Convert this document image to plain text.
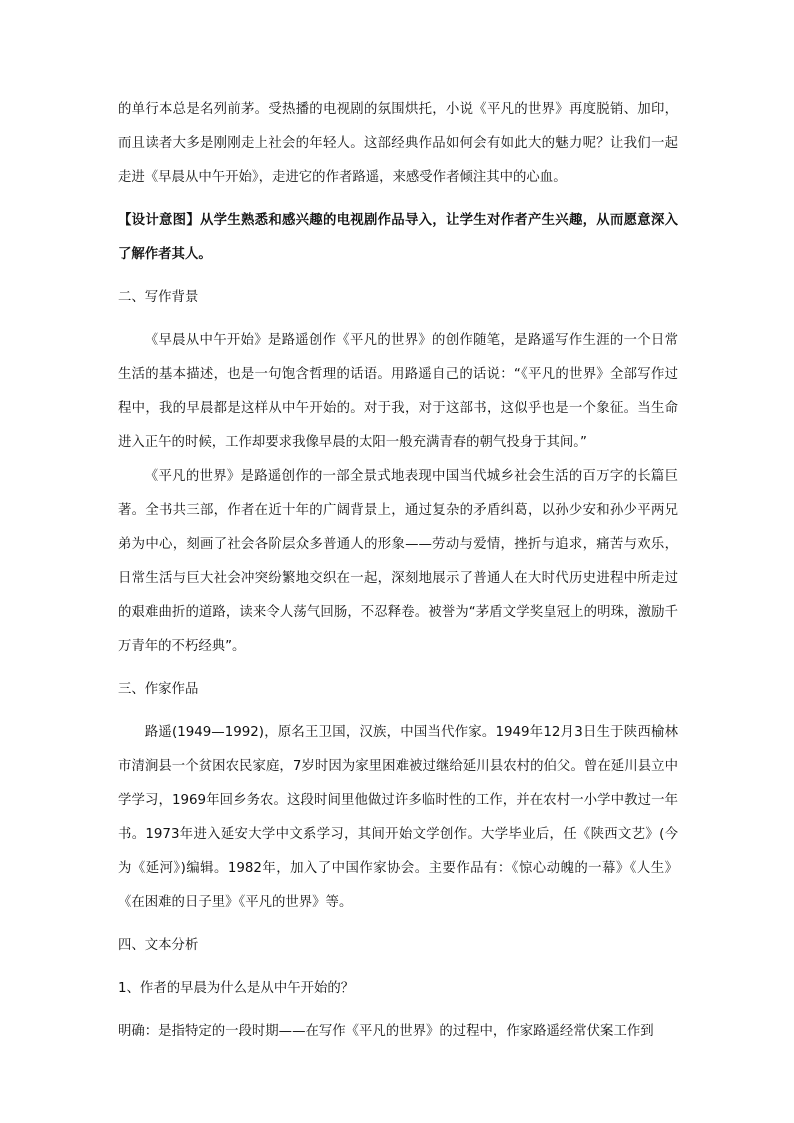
的单行本总是名列前茅。受热播的电视剧的氛围烘托，小说《平凡的世界》再度脱销、加印，而且读者大多是刚刚走上社会的年轻人。这部经典作品如何会有如此大的魅力呢？让我们一起走进《早晨从中午开始》，走进它的作者路遥，来感受作者倾注其中的心血。

【设计意图】从学生熟悉和感兴趣的电视剧作品导入，让学生对作者产生兴趣，从而愿意深入了解作者其人。

二、写作背景

《早晨从中午开始》是路遥创作《平凡的世界》的创作随笔，是路遥写作生涯的一个日常生活的基本描述，也是一句饱含哲理的话语。用路遥自己的话说：“《平凡的世界》全部写作过程中，我的早晨都是这样从中午开始的。对于我，对于这部书，这似乎也是一个象征。当生命进入正午的时候，工作却要求我像早晨的太阳一般充满青春的朝气投身于其间。”

《平凡的世界》是路遥创作的一部全景式地表现中国当代城乡社会生活的百万字的长篇巨著。全书共三部，作者在近十年的广阔背景上，通过复杂的矛盾纠葛，以孙少安和孙少平两兄弟为中心，刻画了社会各阶层众多普通人的形象——劳动与爱情，挫折与追求，痛苦与欢乐，日常生活与巨大社会冲突纷繁地交织在一起，深刻地展示了普通人在大时代历史进程中所走过的艰难曲折的道路，读来令人荡气回肠，不忍释卷。被誉为“茅盾文学奖皇冠上的明珠，激励千万青年的不朽经典”。

三、作家作品

路遥(1949—1992)，原名王卫国，汉族，中国当代作家。1949年12月3日生于陕西榆林市清涧县一个贫困农民家庭，7岁时因为家里困难被过继给延川县农村的伯父。曾在延川县立中学学习，1969年回乡务农。这段时间里他做过许多临时性的工作，并在农村一小学中教过一年书。1973年进入延安大学中文系学习，其间开始文学创作。大学毕业后，任《陕西文艺》(今为《延河》)编辑。1982年，加入了中国作家协会。主要作品有：《惊心动魄的一幕》《人生》《在困难的日子里》《平凡的世界》等。

四、文本分析

1、作者的早晨为什么是从中午开始的？

明确：是指特定的一段时期——在写作《平凡的世界》的过程中，作家路遥经常伏案工作到
